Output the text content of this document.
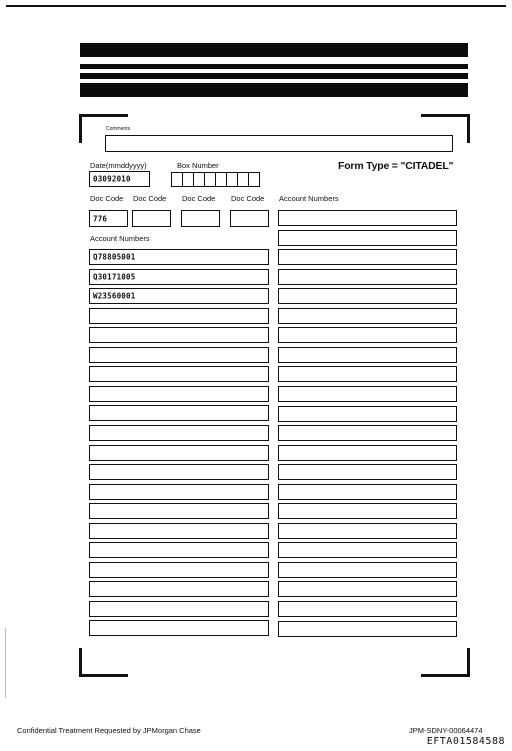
Comments
Date(mmddyyyy)
03092010
Box Number	Form Type = "CITADEL"
Doc Code Doc Code Doc Code Doc Code Account Numbers
776
Account Numbers
Q78805001
Q30171005
W23560001
Confidential Treatment Requested by JPMorgan Chase	JPM-SDNY-00064474
EFTA01584588
